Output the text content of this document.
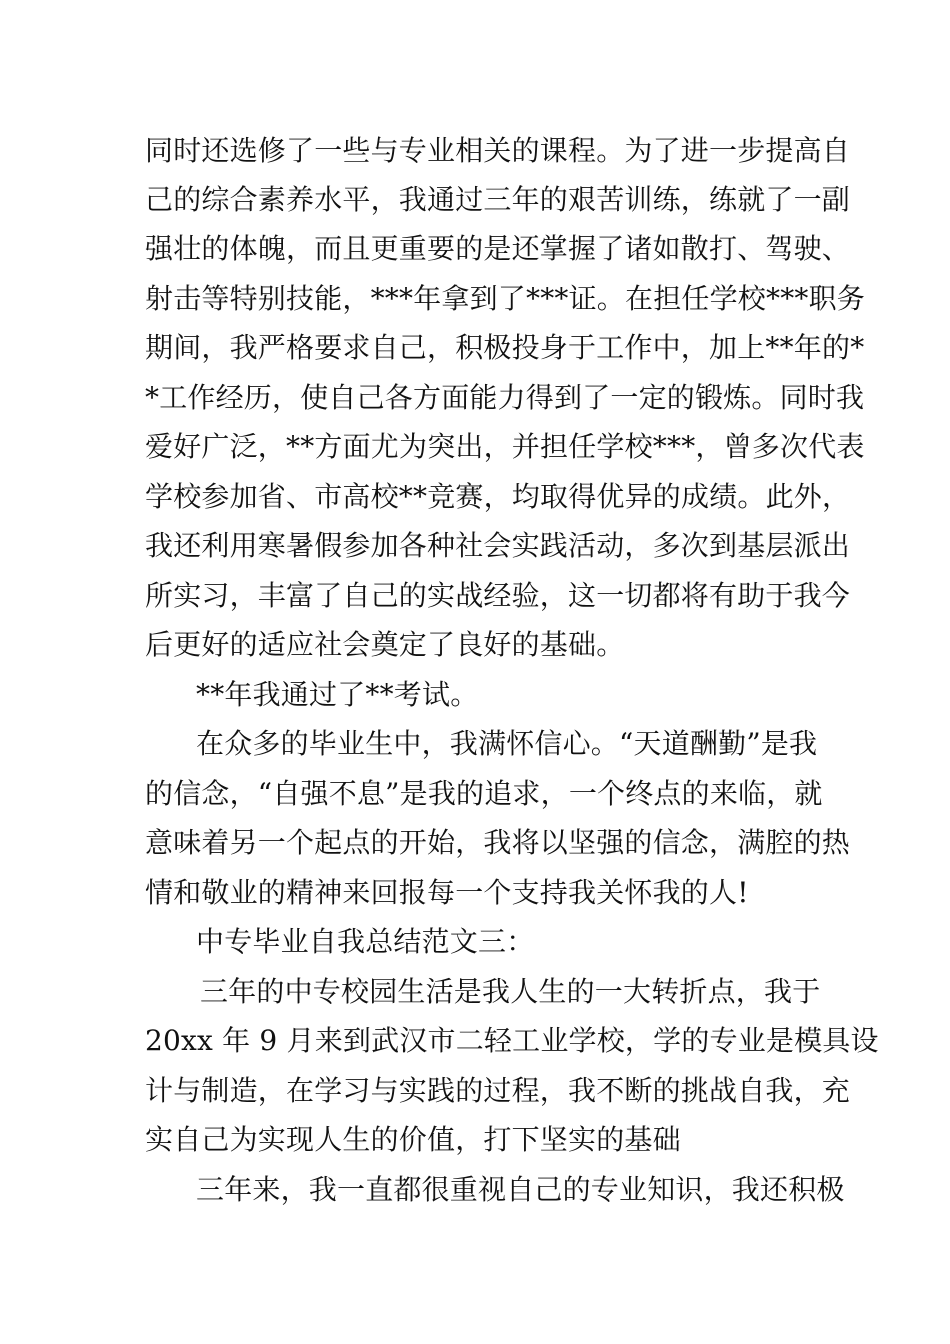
同时还选修了一些与专业相关的课程。为了进一步提高自
己的综合素养水平，我通过三年的艰苦训练，练就了一副
强壮的体魄，而且更重要的是还掌握了诸如散打、驾驶、
射击等特别技能，***年拿到了***证。在担任学校***职务
期间，我严格要求自己，积极投身于工作中，加上**年的*
*工作经历，使自己各方面能力得到了一定的锻炼。同时我
爱好广泛，**方面尤为突出，并担任学校***，曾多次代表
学校参加省、市高校**竞赛，均取得优异的成绩。此外，
我还利用寒暑假参加各种社会实践活动，多次到基层派出
所实习，丰富了自己的实战经验，这一切都将有助于我今
后更好的适应社会奠定了良好的基础。
**年我通过了**考试。
在众多的毕业生中，我满怀信心。“天道酬勤”是我
的信念，“自强不息”是我的追求，一个终点的来临，就
意味着另一个起点的开始，我将以坚强的信念，满腔的热
情和敬业的精神来回报每一个支持我关怀我的人!
中专毕业自我总结范文三：
三年的中专校园生活是我人生的一大转折点，我于
20xx 年 9 月来到武汉市二轻工业学校，学的专业是模具设
计与制造，在学习与实践的过程，我不断的挑战自我，充
实自己为实现人生的价值，打下坚实的基础
三年来，我一直都很重视自己的专业知识，我还积极
